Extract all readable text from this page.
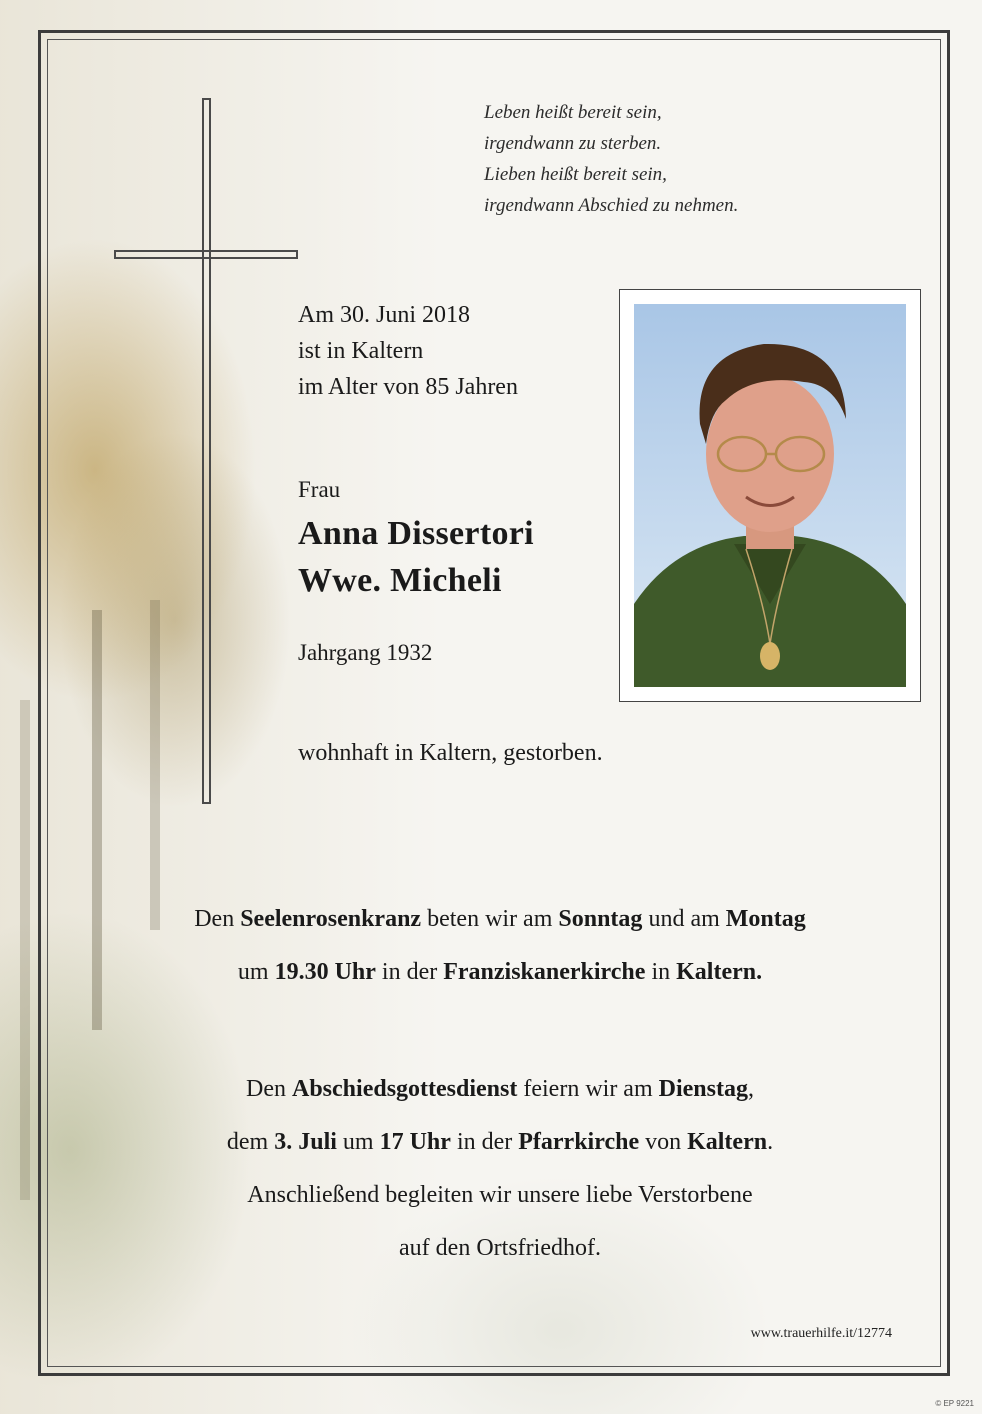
Leben heißt bereit sein,
irgendwann zu sterben.
Lieben heißt bereit sein,
irgendwann Abschied zu nehmen.
Am 30. Juni 2018
ist in Kaltern
im Alter von 85 Jahren
Frau
Anna Dissertori
Wwe. Micheli
Jahrgang 1932
wohnhaft in Kaltern, gestorben.
Den Seelenrosenkranz beten wir am Sonntag und am Montag
um 19.30 Uhr in der Franziskanerkirche in Kaltern.
Den Abschiedsgottesdienst feiern wir am Dienstag,
dem 3. Juli um 17 Uhr in der Pfarrkirche von Kaltern.
Anschließend begleiten wir unsere liebe Verstorbene
auf den Ortsfriedhof.
www.trauerhilfe.it/12774
© EP 9221
